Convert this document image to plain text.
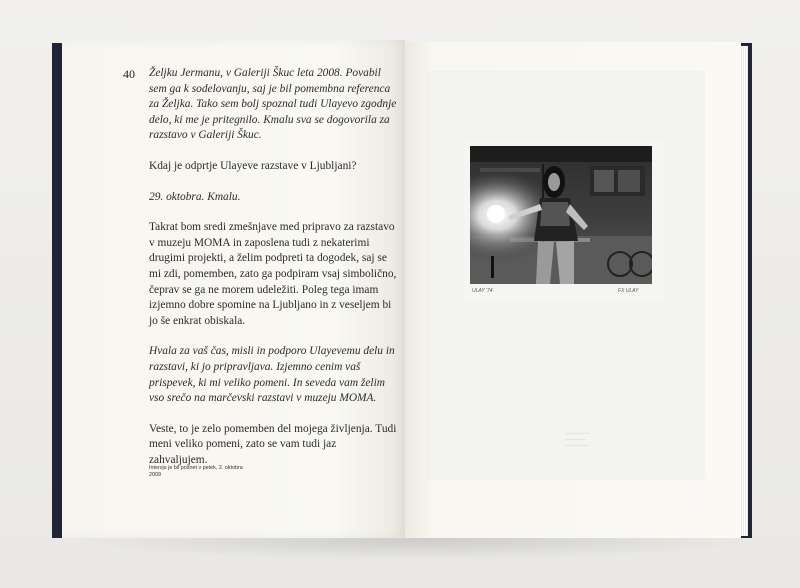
40 Željku Jermanu, v Galeriji Škuc leta 2008. Povabil sem ga k sodelovanju, saj je bil pomembna referenca za Željka. Tako sem bolj spoznal tudi Ulayevo zgodnje delo, ki me je pritegnilo. Kmalu sva se dogovorila za razstavo v Galeriji Škuc.

Kdaj je odprtje Ulayeve razstave v Ljubljani?

29. oktobra. Kmalu.

Takrat bom sredi zmešnjave med pripravo za razstavo v muzeju MOMA in zaposlena tudi z nekaterimi drugimi projekti, a želim podpreti ta dogodek, saj se mi zdi, pomemben, zato ga podpiram vsaj simbolično, čeprav se ga ne morem udeležiti. Poleg tega imam izjemno dobre spomine na Ljubljano in z veseljem bi jo še enkrat obiskala.

Hvala za vaš čas, misli in podporo Ulayevemu delu in razstavi, ki jo pripravljava. Izjemno cenim vaš prispevek, ki mi veliko pomeni. In seveda vam želim vso srečo na marčevski razstavi v muzeju MOMA.

Veste, to je zelo pomemben del mojega življenja. Tudi meni veliko pomeni, zato se vam tudi jaz zahvaljujem.

Intervju je bil posnet v petek, 2. oktobra 2009
▬▬▬▬▬▬
▬▬▬▬▬
▬▬▬▬▬▬
ULAY '74	FX ULAY
